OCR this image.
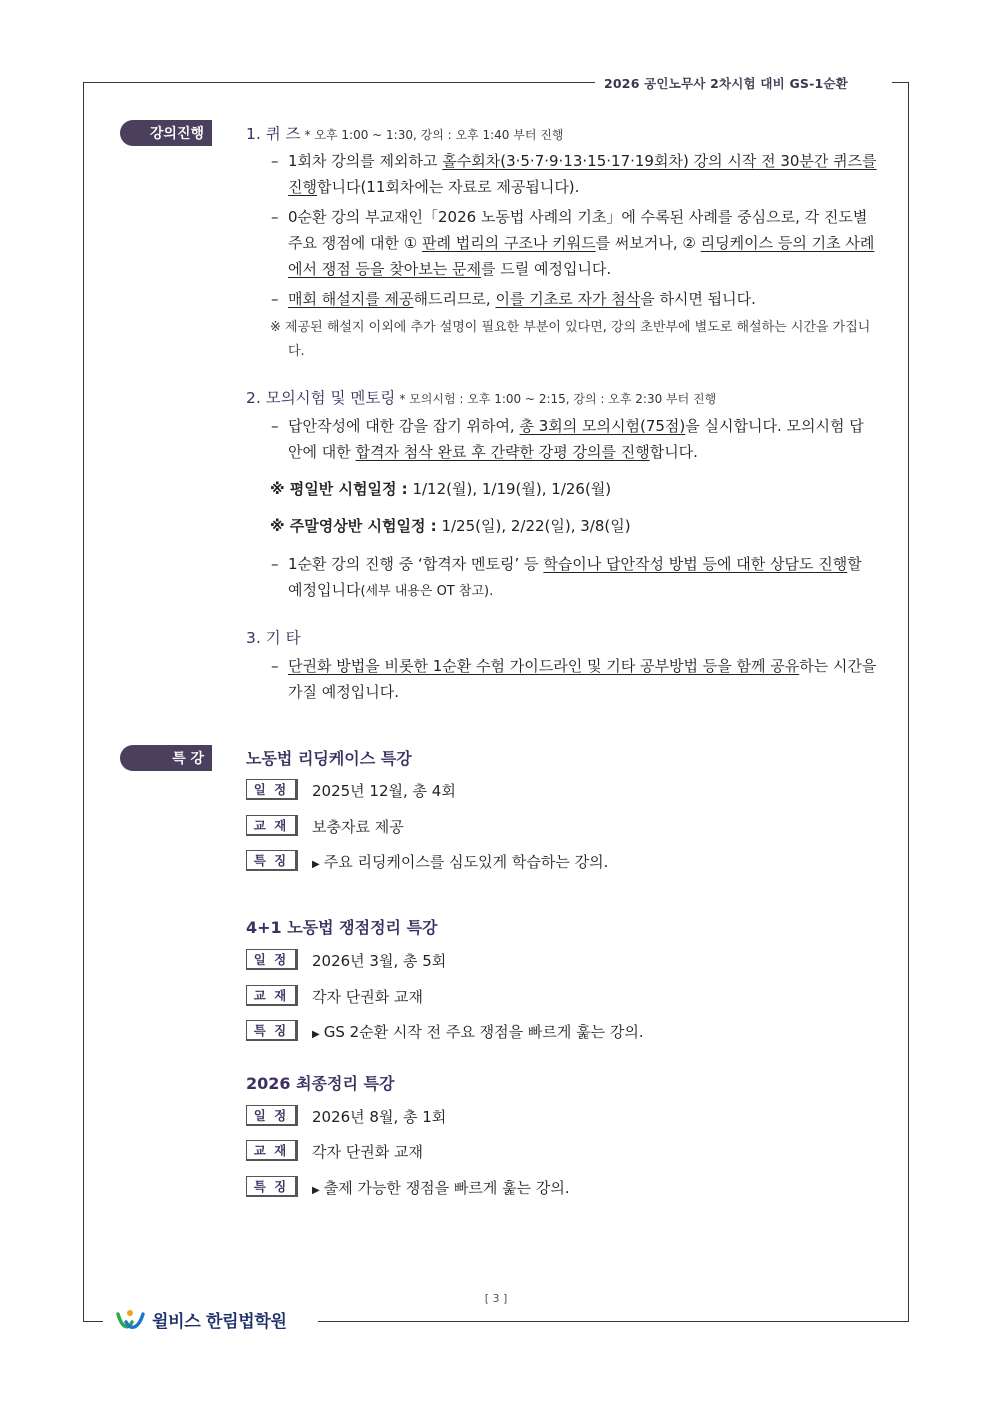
2026 공인노무사 2차시험 대비 GS-1순환
강의진행	1. 퀴 즈 * 오후 1:00 ~ 1:30, 강의 : 오후 1:40 부터 진행
– 1회차 강의를 제외하고 홀수회차(3·5·7·9·13·15·17·19회차) 강의 시작 전 30분간 퀴즈를 진행합니다(11회차에는 자료로 제공됩니다).
– 0순환 강의 부교재인「2026 노동법 사례의 기초」에 수록된 사례를 중심으로, 각 진도별 주요 쟁점에 대한 ① 판례 법리의 구조나 키워드를 써보거나, ② 리딩케이스 등의 기초 사례에서 쟁점 등을 찾아보는 문제를 드릴 예정입니다.
– 매회 해설지를 제공해드리므로, 이를 기초로 자가 첨삭을 하시면 됩니다.
※ 제공된 해설지 이외에 추가 설명이 필요한 부분이 있다면, 강의 초반부에 별도로 해설하는 시간을 가집니다.
2. 모의시험 및 멘토링 * 모의시험 : 오후 1:00 ~ 2:15, 강의 : 오후 2:30 부터 진행
– 답안작성에 대한 감을 잡기 위하여, 총 3회의 모의시험(75점)을 실시합니다. 모의시험 답안에 대한 합격자 첨삭 완료 후 간략한 강평 강의를 진행합니다.
※ 평일반 시험일정 : 1/12(월), 1/19(월), 1/26(월)
※ 주말영상반 시험일정 : 1/25(일), 2/22(일), 3/8(일)
– 1순환 강의 진행 중 ‘합격자 멘토링’ 등 학습이나 답안작성 방법 등에 대한 상담도 진행할 예정입니다(세부 내용은 OT 참고).
3. 기 타
– 단권화 방법을 비롯한 1순환 수험 가이드라인 및 기타 공부방법 등을 함께 공유하는 시간을 가질 예정입니다.
특 강	노동법 리딩케이스 특강
일 정	2025년 12월, 총 4회
교 재	보충자료 제공
특 징	▶ 주요 리딩케이스를 심도있게 학습하는 강의.
4+1 노동법 쟁점정리 특강
일 정	2026년 3월, 총 5회
교 재	각자 단권화 교재
특 징	▶ GS 2순환 시작 전 주요 쟁점을 빠르게 훑는 강의.
2026 최종정리 특강
일 정	2026년 8월, 총 1회
교 재	각자 단권화 교재
특 징	▶ 출제 가능한 쟁점을 빠르게 훑는 강의.
[ 3 ]
윌비스 한림법학원
